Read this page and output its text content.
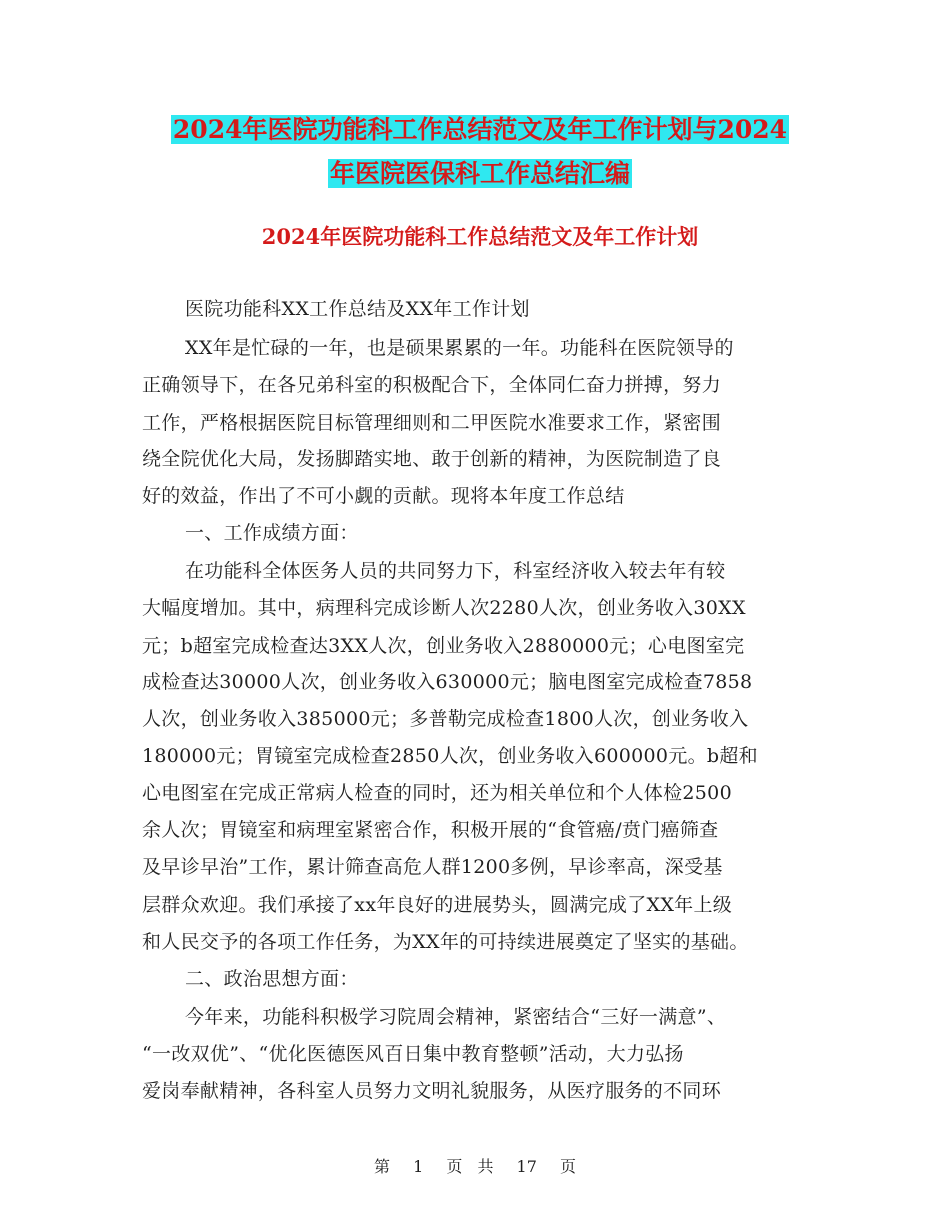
2024年医院功能科工作总结范文及年工作计划与2024
年医院医保科工作总结汇编
2024年医院功能科工作总结范文及年工作计划
医院功能科XX工作总结及XX年工作计划
XX年是忙碌的一年，也是硕果累累的一年。功能科在医院领导的
正确领导下，在各兄弟科室的积极配合下，全体同仁奋力拼搏，努力
工作，严格根据医院目标管理细则和二甲医院水准要求工作，紧密围
绕全院优化大局，发扬脚踏实地、敢于创新的精神，为医院制造了良
好的效益，作出了不可小觑的贡献。现将本年度工作总结
一、工作成绩方面：
在功能科全体医务人员的共同努力下，科室经济收入较去年有较
大幅度增加。其中，病理科完成诊断人次2280人次，创业务收入30XX
元；b超室完成检查达3XX人次，创业务收入2880000元；心电图室完
成检查达30000人次，创业务收入630000元；脑电图室完成检查7858
人次，创业务收入385000元；多普勒完成检查1800人次，创业务收入
180000元；胃镜室完成检查2850人次，创业务收入600000元。b超和
心电图室在完成正常病人检查的同时，还为相关单位和个人体检2500
余人次；胃镜室和病理室紧密合作，积极开展的“食管癌/贲门癌筛查
及早诊早治”工作，累计筛查高危人群1200多例，早诊率高，深受基
层群众欢迎。我们承接了xx年良好的进展势头，圆满完成了XX年上级
和人民交予的各项工作任务，为XX年的可持续进展奠定了坚实的基础。
二、政治思想方面：
今年来，功能科积极学习院周会精神，紧密结合“三好一满意”、
“一改双优”、“优化医德医风百日集中教育整顿”活动，大力弘扬
爱岗奉献精神，各科室人员努力文明礼貌服务，从医疗服务的不同环
第 1 页 共 17 页
